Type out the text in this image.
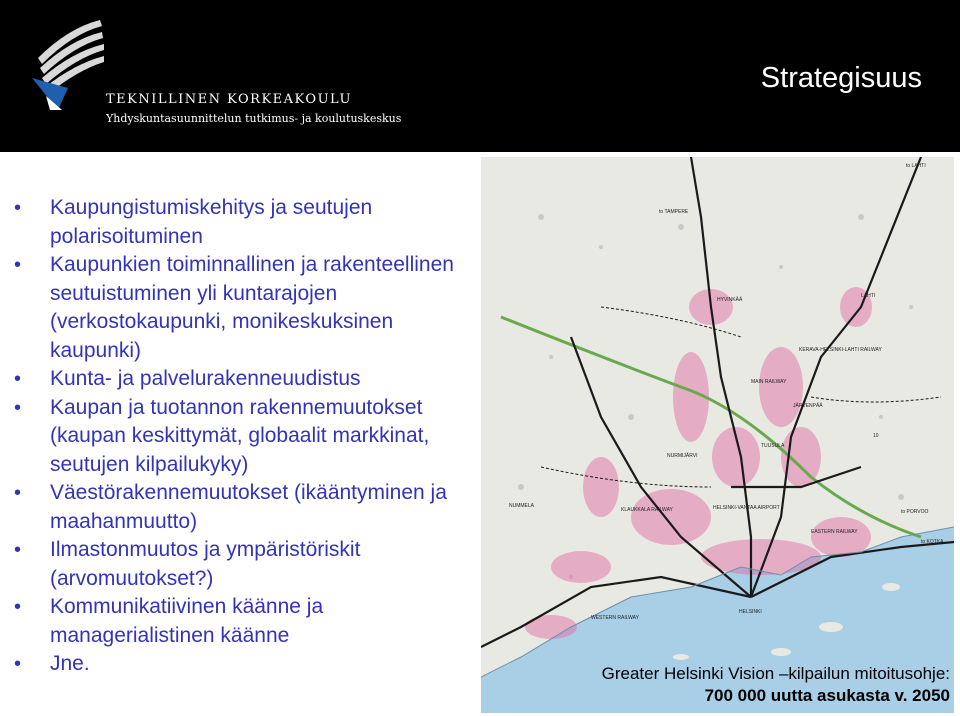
TEKNILLINEN KORKEAKOULU
Yhdyskuntasuunnittelun tutkimus- ja koulutuskeskus
Strategisuus
• Kaupungistumiskehitys ja seutujen polarisoituminen
• Kaupunkien toiminnallinen ja rakenteellinen seutuistuminen yli kuntarajojen (verkostokaupunki, monikeskuksinen kaupunki)
• Kunta- ja palvelurakenneuudistus
• Kaupan ja tuotannon rakennemuutokset (kaupan keskittymät, globaalit markkinat, seutujen kilpailukyky)
• Väestörakennemuutokset (ikääntyminen ja maahanmuutto)
• Ilmastonmuutos ja ympäristöriskit (arvomuutokset?)
• Kommunikatiivinen käänne ja managerialistinen käänne
• Jne.
to LAHTI
to TAMPERE
HYVINKÄÄ
KERAVA-HELSINKI-LAHTI RAILWAY
MAIN RAILWAY
LAHTI
KLAUKKALA RAILWAY	HELSINKI-VANTAA AIRPORT
EASTERN RAILWAY
NUMMELA
HELSINKI
to PORVOO
to KOTKA
WESTERN RAILWAY
JÄRVENPÄÄ
TUUSULA
NURMIJÄRVI
10
Greater Helsinki Vision –kilpailun mitoitusohje:
700 000 uutta asukasta v. 2050
